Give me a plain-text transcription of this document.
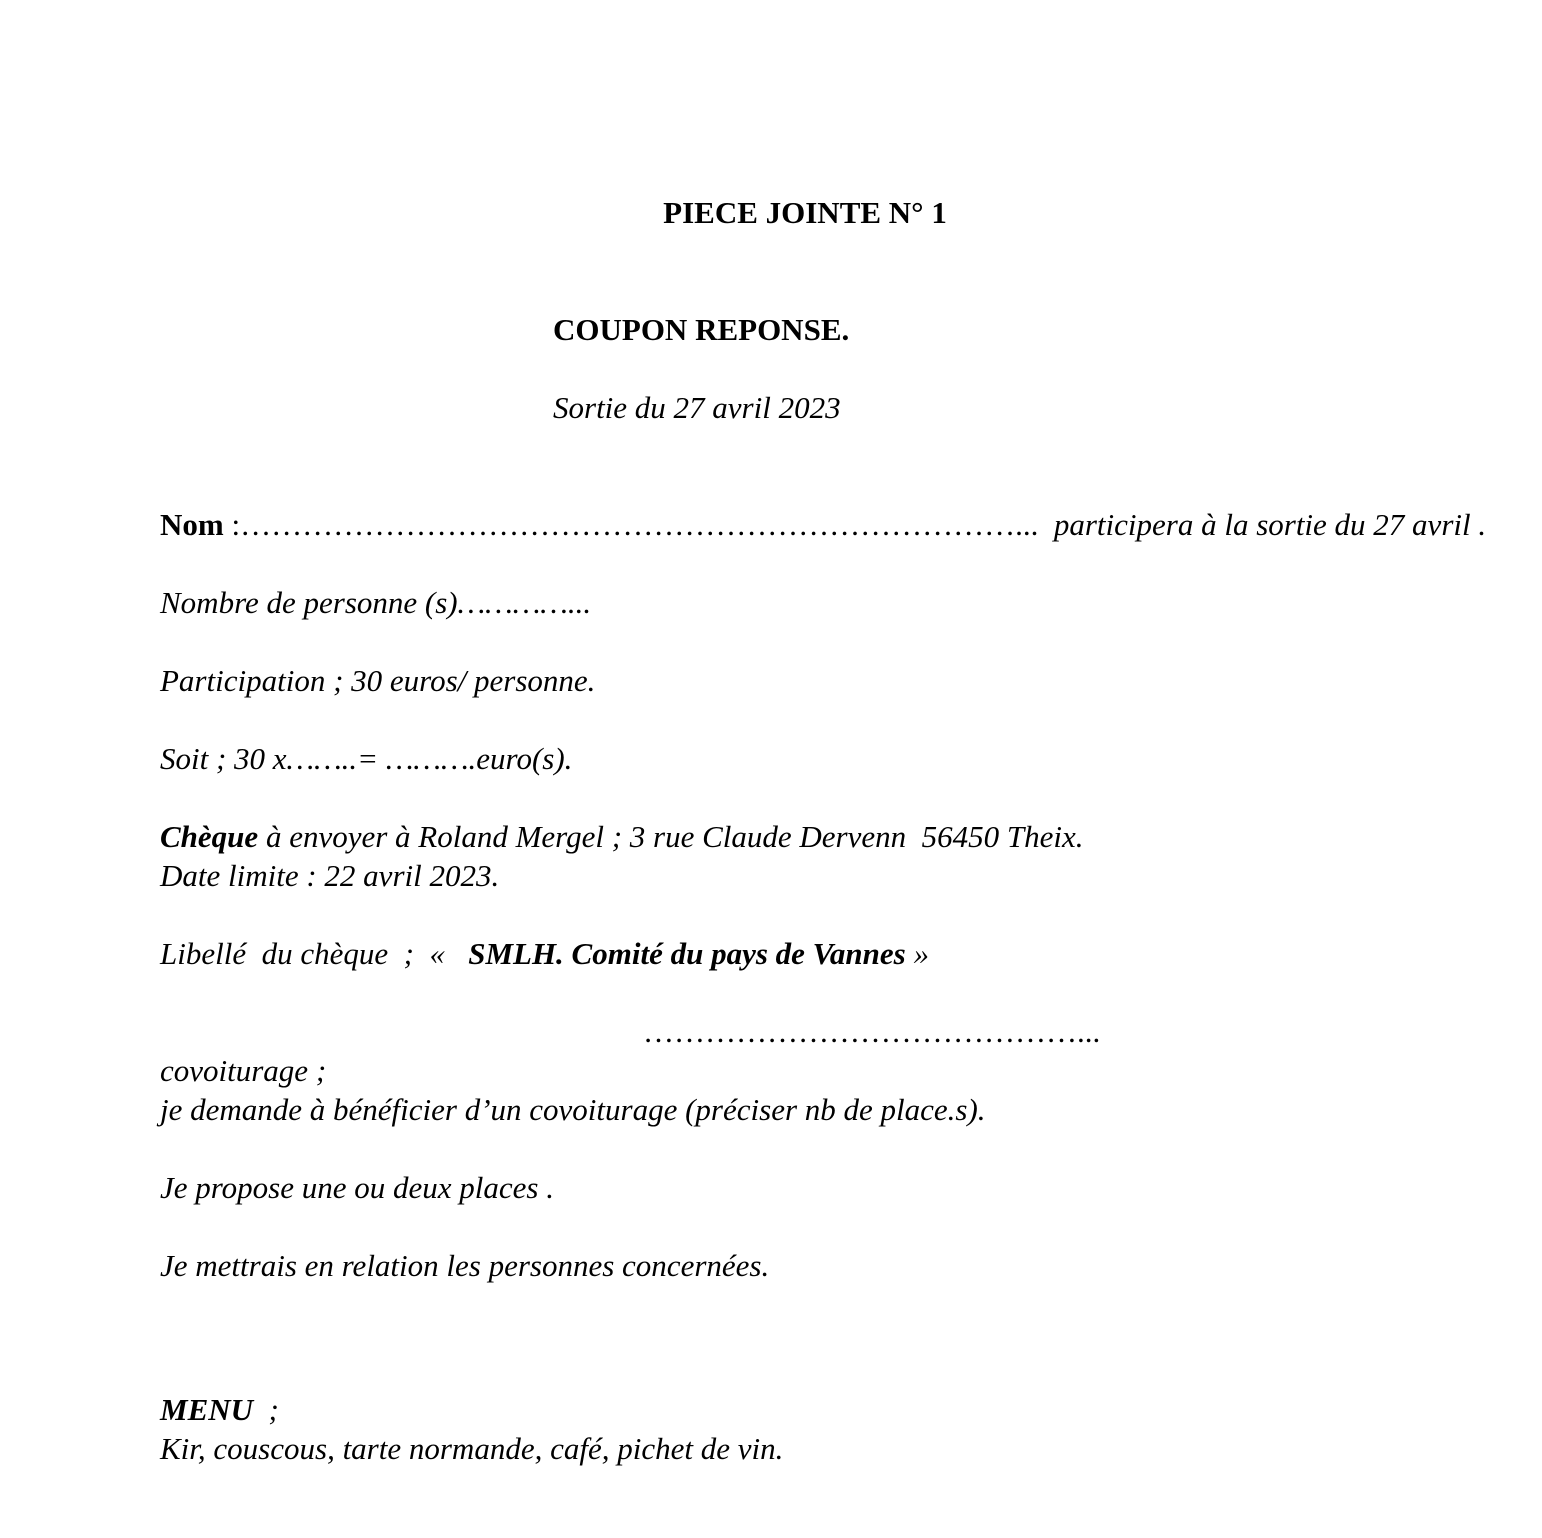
PIECE JOINTE N° 1
COUPON REPONSE.
Sortie du 27 avril 2023
Nom :…………………………………………………………………...  participera à la sortie du 27 avril .
Nombre de personne (s)…………...
Participation ; 30 euros/ personne.
Soit ; 30 x……..= ……….euro(s).
Chèque à envoyer à Roland Mergel ; 3 rue Claude Dervenn  56450 Theix.
Date limite : 22 avril 2023.
Libellé  du chèque  ;  «   SMLH. Comité du pays de Vannes »
……………………………………...
covoiturage ;
je demande à bénéficier d’un covoiturage (préciser nb de place.s).
Je propose une ou deux places .
Je mettrais en relation les personnes concernées.
MENU  ;
Kir, couscous, tarte normande, café, pichet de vin.
